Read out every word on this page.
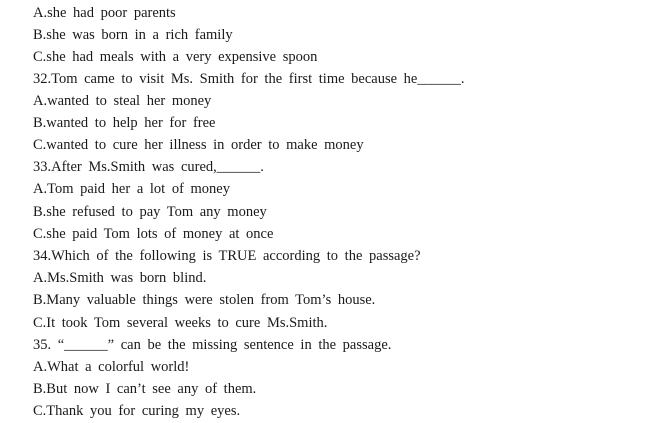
A.she had poor parents
B.she was born in a rich family
C.she had meals with a very expensive spoon
32.Tom came to visit Ms. Smith for the first time because he______.
A.wanted to steal her money
B.wanted to help her for free
C.wanted to cure her illness in order to make money
33.After Ms.Smith was cured,______.
A.Tom paid her a lot of money
B.she refused to pay Tom any money
C.she paid Tom lots of money at once
34.Which of the following is TRUE according to the passage?
A.Ms.Smith was born blind.
B.Many valuable things were stolen from Tom’s house.
C.It took Tom several weeks to cure Ms.Smith.
35. “______” can be the missing sentence in the passage.
A.What a colorful world!
B.But now I can’t see any of them.
C.Thank you for curing my eyes.
